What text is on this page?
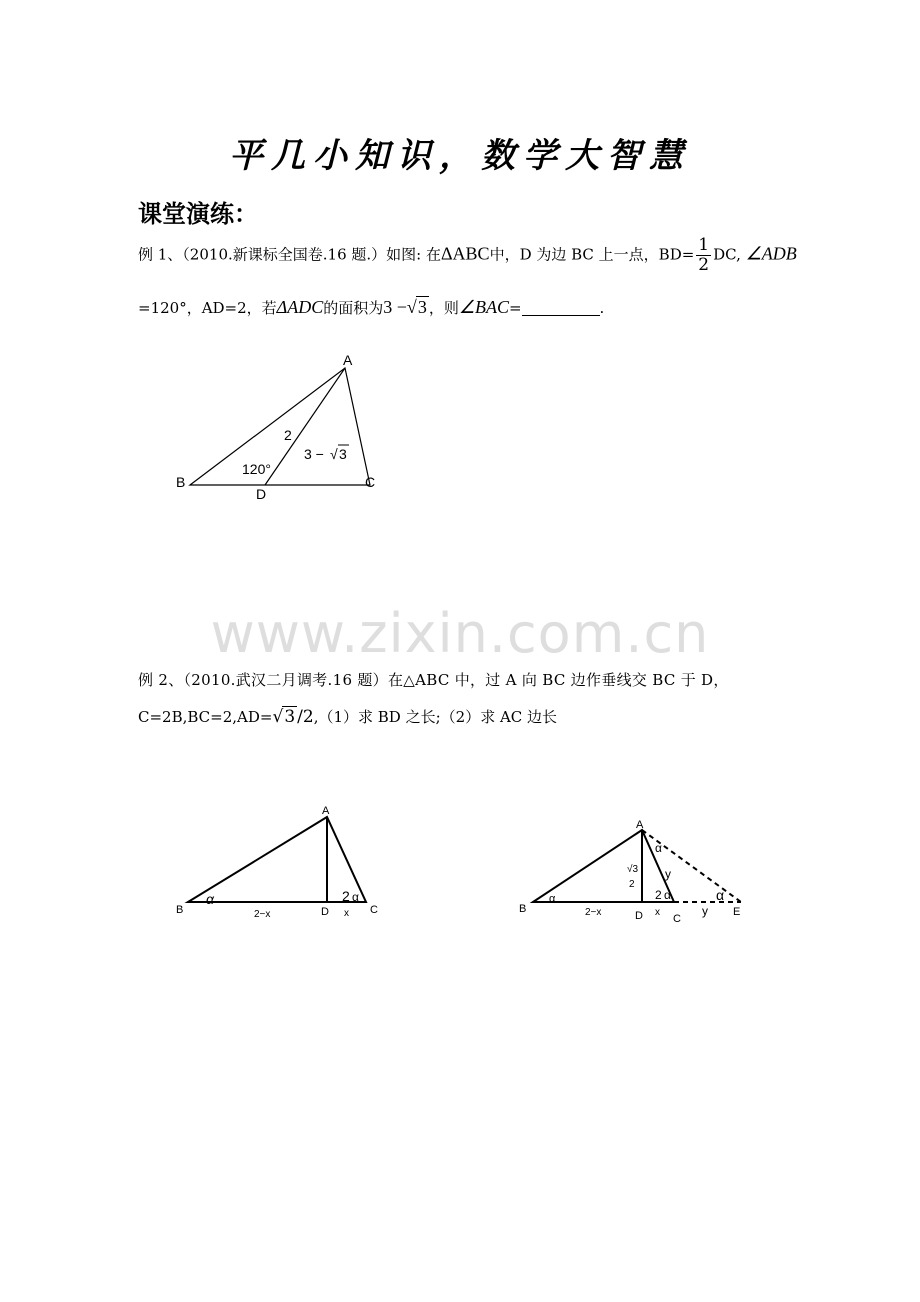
平几小知识，数学大智慧
课堂演练：
例 1、（2010.新课标全国卷.16 题.）如图: 在ΔABC中，D 为边 BC 上一点，$BD= \frac{1}{2}$ DC, ∠ADB
=120°，AD=2，若ΔADC的面积为3 −√3 ，则∠BAC=	.
A
B	C
D
2
120°
3 − √ 3
www.zixin.com.cn
例 2、（2010.武汉二月调考.16 题）在△ABC 中，过 A 向 BC 边作垂线交 BC 于 D，
C=2B,BC=2,AD=√3 /2,（1）求 BD 之长;（2）求 AC 边长
A
B	C
D
α	2 α
2−x	x
A
B
C
D	E
α
α
α
2 α
√3
2
y
y
2−x	x
